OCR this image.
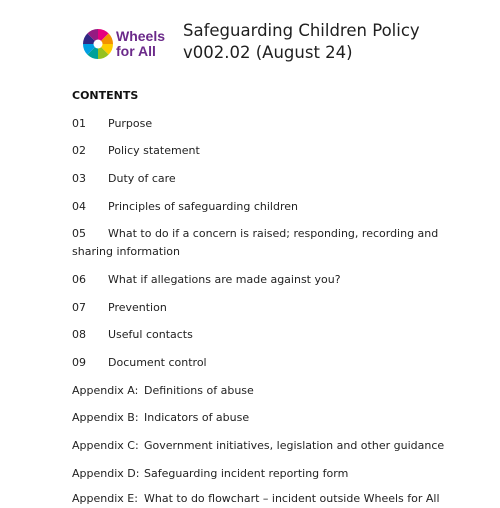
Wheels
for All
Safeguarding Children Policy
v002.02 (August 24)
CONTENTS
01 Purpose
02 Policy statement
03 Duty of care
04 Principles of safeguarding children
05 What to do if a concern is raised; responding, recording and sharing information
06 What if allegations are made against you?
07 Prevention
08 Useful contacts
09 Document control
Appendix A: Definitions of abuse
Appendix B: Indicators of abuse
Appendix C: Government initiatives, legislation and other guidance
Appendix D: Safeguarding incident reporting form
Appendix E: What to do flowchart – incident outside Wheels for All
